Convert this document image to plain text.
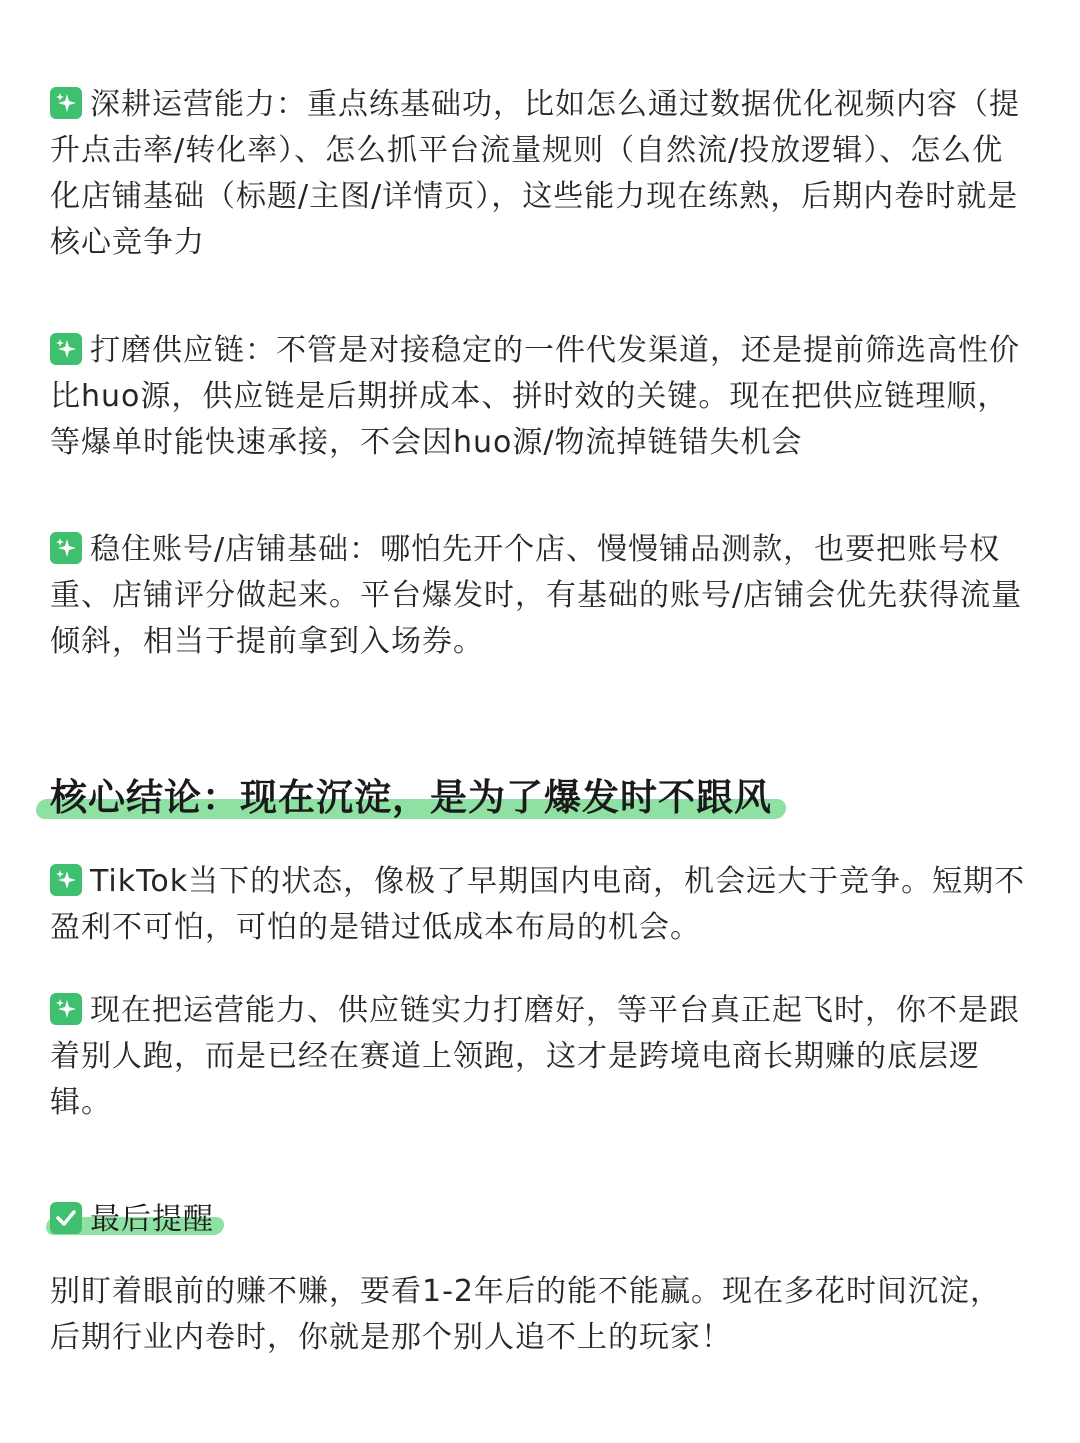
深耕运营能力：重点练基础功，比如怎么通过数据优化视频内容（提升点击率/转化率）、怎么抓平台流量规则（自然流/投放逻辑）、怎么优化店铺基础（标题/主图/详情页），这些能力现在练熟，后期内卷时就是核心竞争力

打磨供应链：不管是对接稳定的一件代发渠道，还是提前筛选高性价比huo源，供应链是后期拼成本、拼时效的关键。现在把供应链理顺，等爆单时能快速承接，不会因huo源/物流掉链错失机会

稳住账号/店铺基础：哪怕先开个店、慢慢铺品测款，也要把账号权重、店铺评分做起来。平台爆发时，有基础的账号/店铺会优先获得流量倾斜，相当于提前拿到入场券。

核心结论：现在沉淀，是为了爆发时不跟风

TikTok当下的状态，像极了早期国内电商，机会远大于竞争。短期不盈利不可怕，可怕的是错过低成本布局的机会。

现在把运营能力、供应链实力打磨好，等平台真正起飞时，你不是跟着别人跑，而是已经在赛道上领跑，这才是跨境电商长期赚的底层逻辑。

最后提醒

别盯着眼前的赚不赚，要看1-2年后的能不能赢。现在多花时间沉淀，后期行业内卷时，你就是那个别人追不上的玩家！
